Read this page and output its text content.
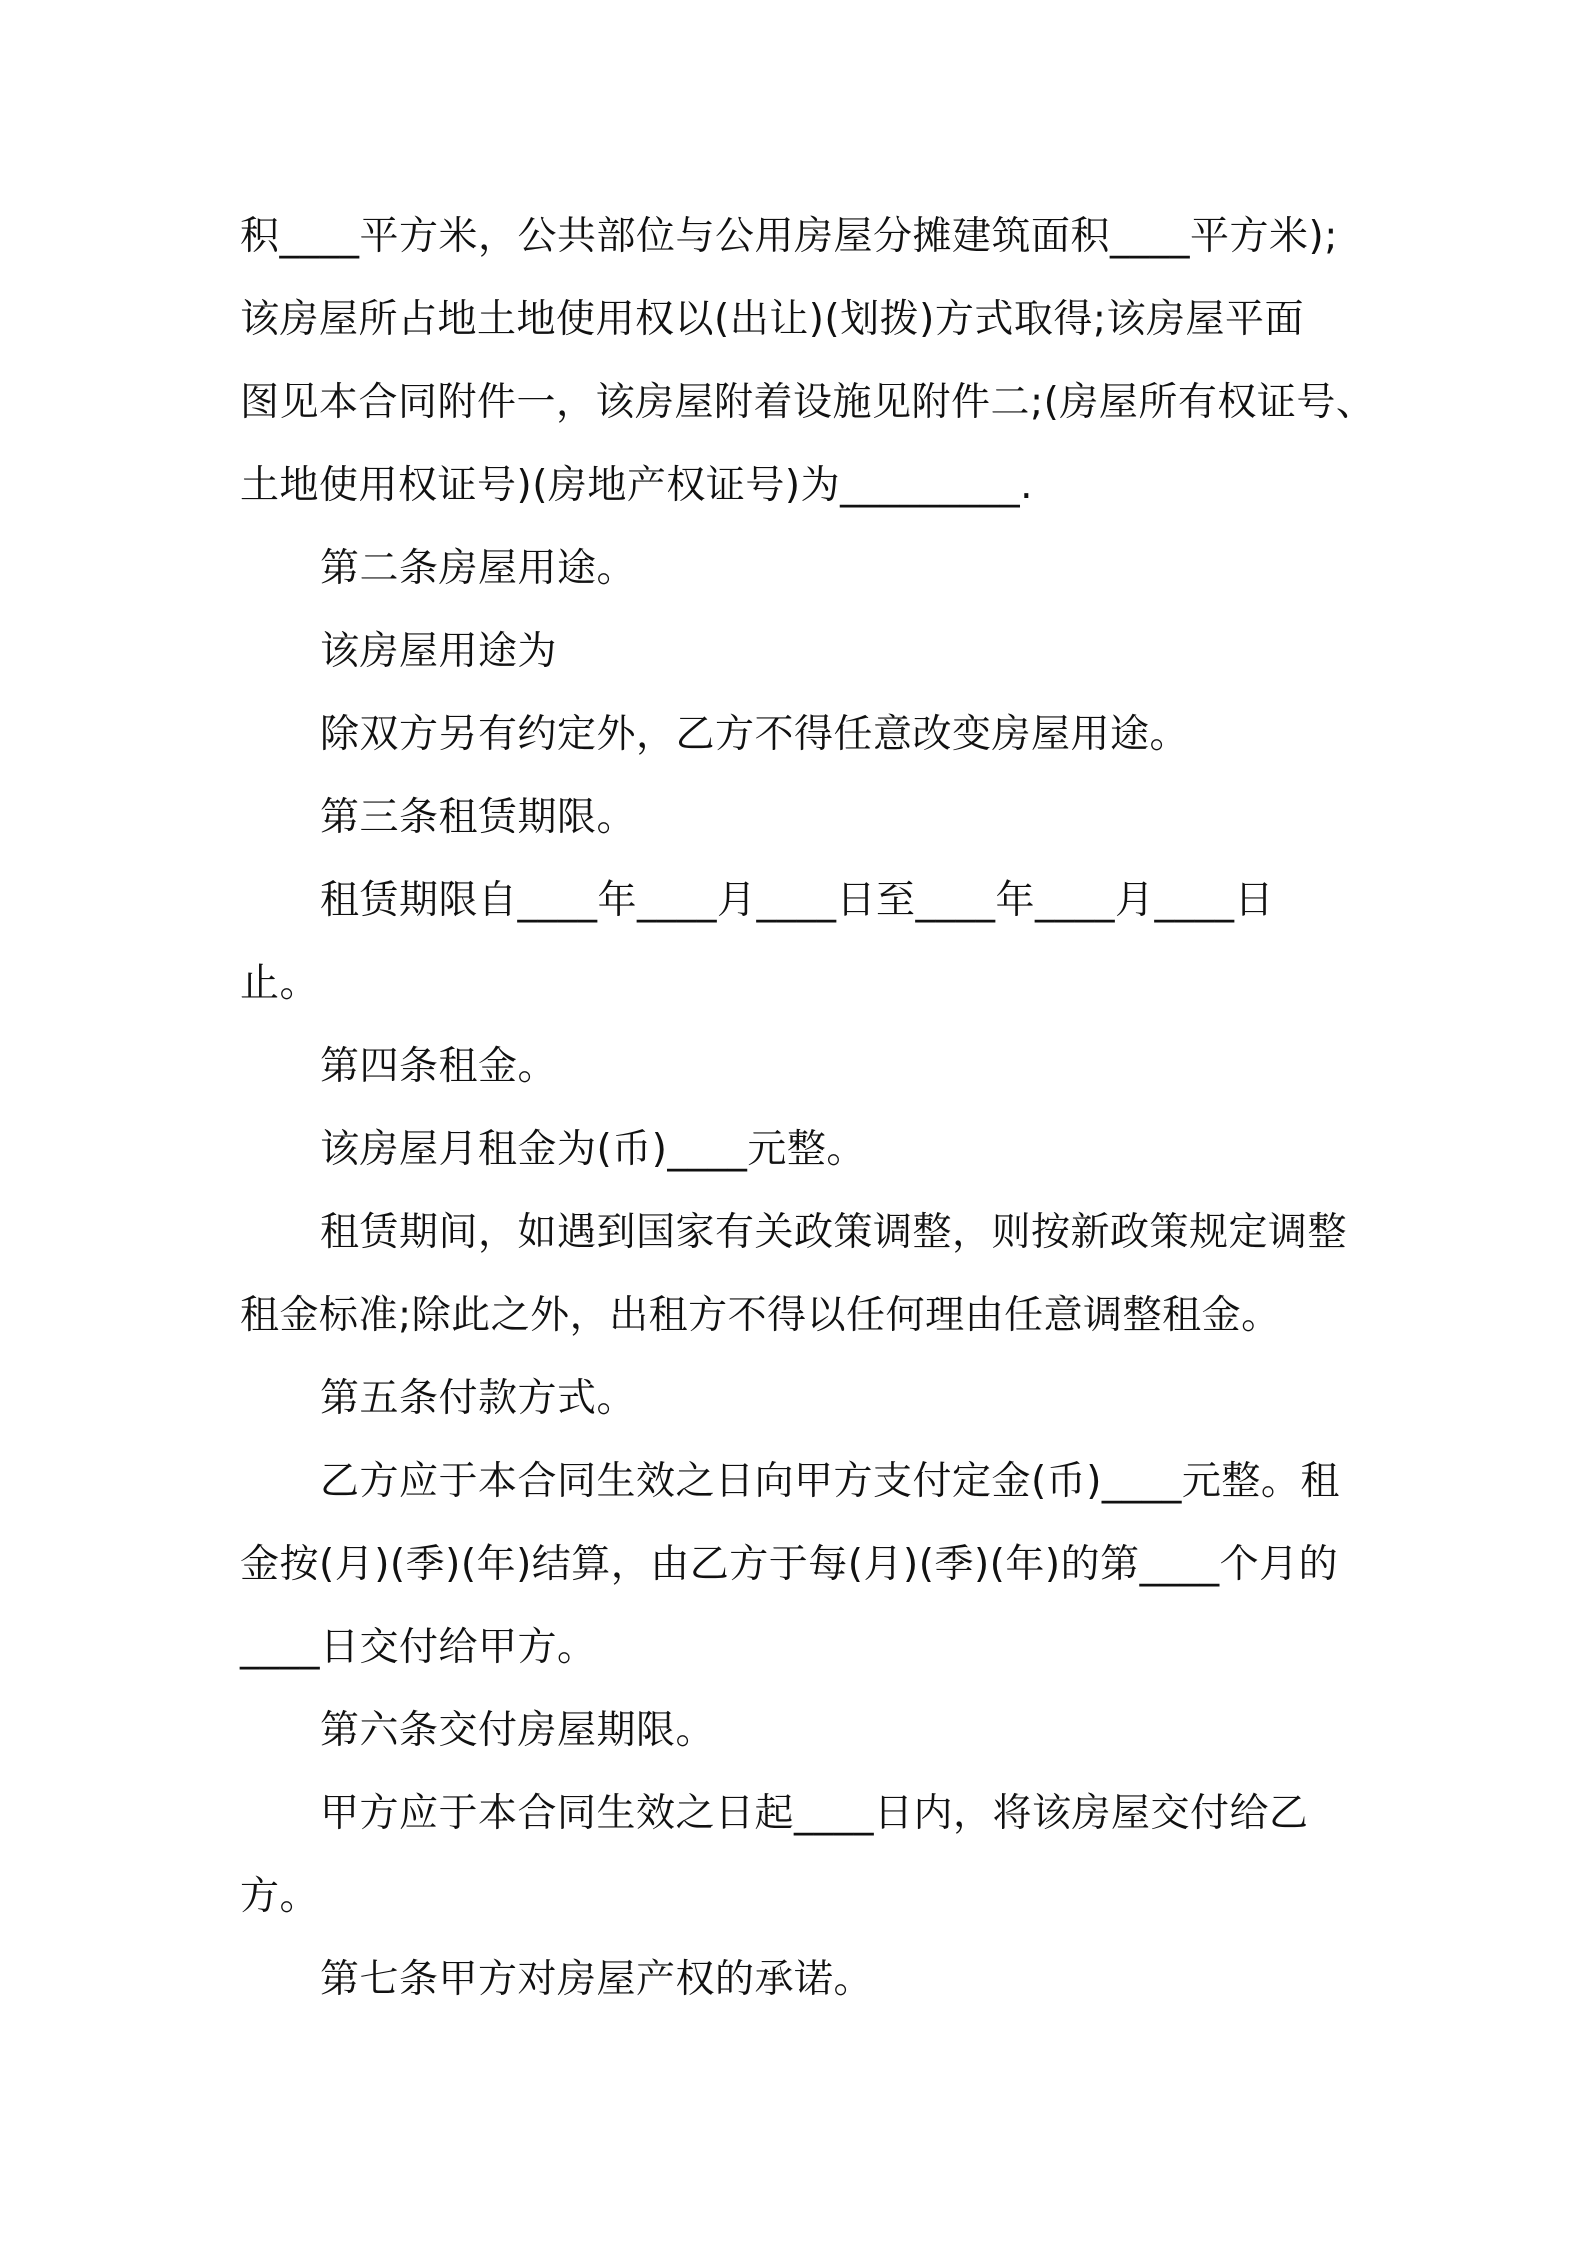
积____平方米，公共部位与公用房屋分摊建筑面积____平方米);
该房屋所占地土地使用权以(出让)(划拨)方式取得;该房屋平面
图见本合同附件一，该房屋附着设施见附件二;(房屋所有权证号、
土地使用权证号)(房地产权证号)为_________.
第二条房屋用途。
该房屋用途为
除双方另有约定外，乙方不得任意改变房屋用途。
第三条租赁期限。
租赁期限自____年____月____日至____年____月____日
止。
第四条租金。
该房屋月租金为(币)____元整。
租赁期间，如遇到国家有关政策调整，则按新政策规定调整
租金标准;除此之外，出租方不得以任何理由任意调整租金。
第五条付款方式。
乙方应于本合同生效之日向甲方支付定金(币)____元整。租
金按(月)(季)(年)结算，由乙方于每(月)(季)(年)的第____个月的
____日交付给甲方。
第六条交付房屋期限。
甲方应于本合同生效之日起____日内，将该房屋交付给乙
方。
第七条甲方对房屋产权的承诺。
